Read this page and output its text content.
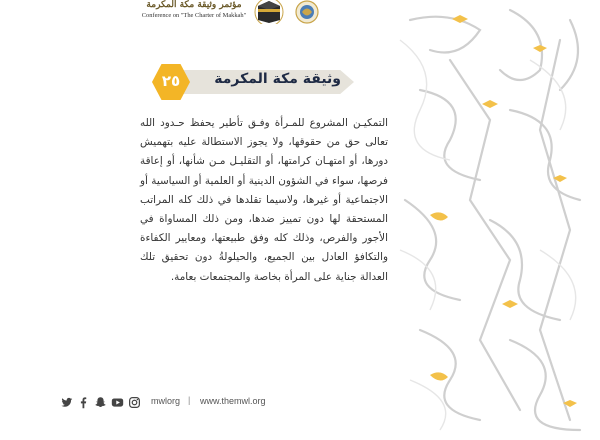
مؤتمر وثيقة مكة المكرمة
Conference on "The Charter of Makkah"
وثيقة مكة المكرمة
٢٥
التمكيـن المشروع للمـرأة وفـق تأطير يحفظ حـدود الله تعالى حق من حقوقها، ولا يجوز الاستطالة عليه بتهميش دورها، أو امتهـان كرامتها، أو التقليـل مـن شأنها، أو إعاقة فرصها، سواء في الشؤون الدينية أو العلمية أو السياسية أو الاجتماعية أو غيرها، ولاسيما تقلدها في ذلك كله المراتب المستحقة لها دون تمييز ضدها، ومن ذلك المساواة في الأجور والفرص، وذلك كله وفق طبيعتها، ومعايير الكفاءة والتكافؤ العادل بين الجميع، والحيلولةُ دون تحقيق تلك العدالة جناية على المرأة بخاصة والمجتمعات بعامة.
mwlorg | www.themwl.org
